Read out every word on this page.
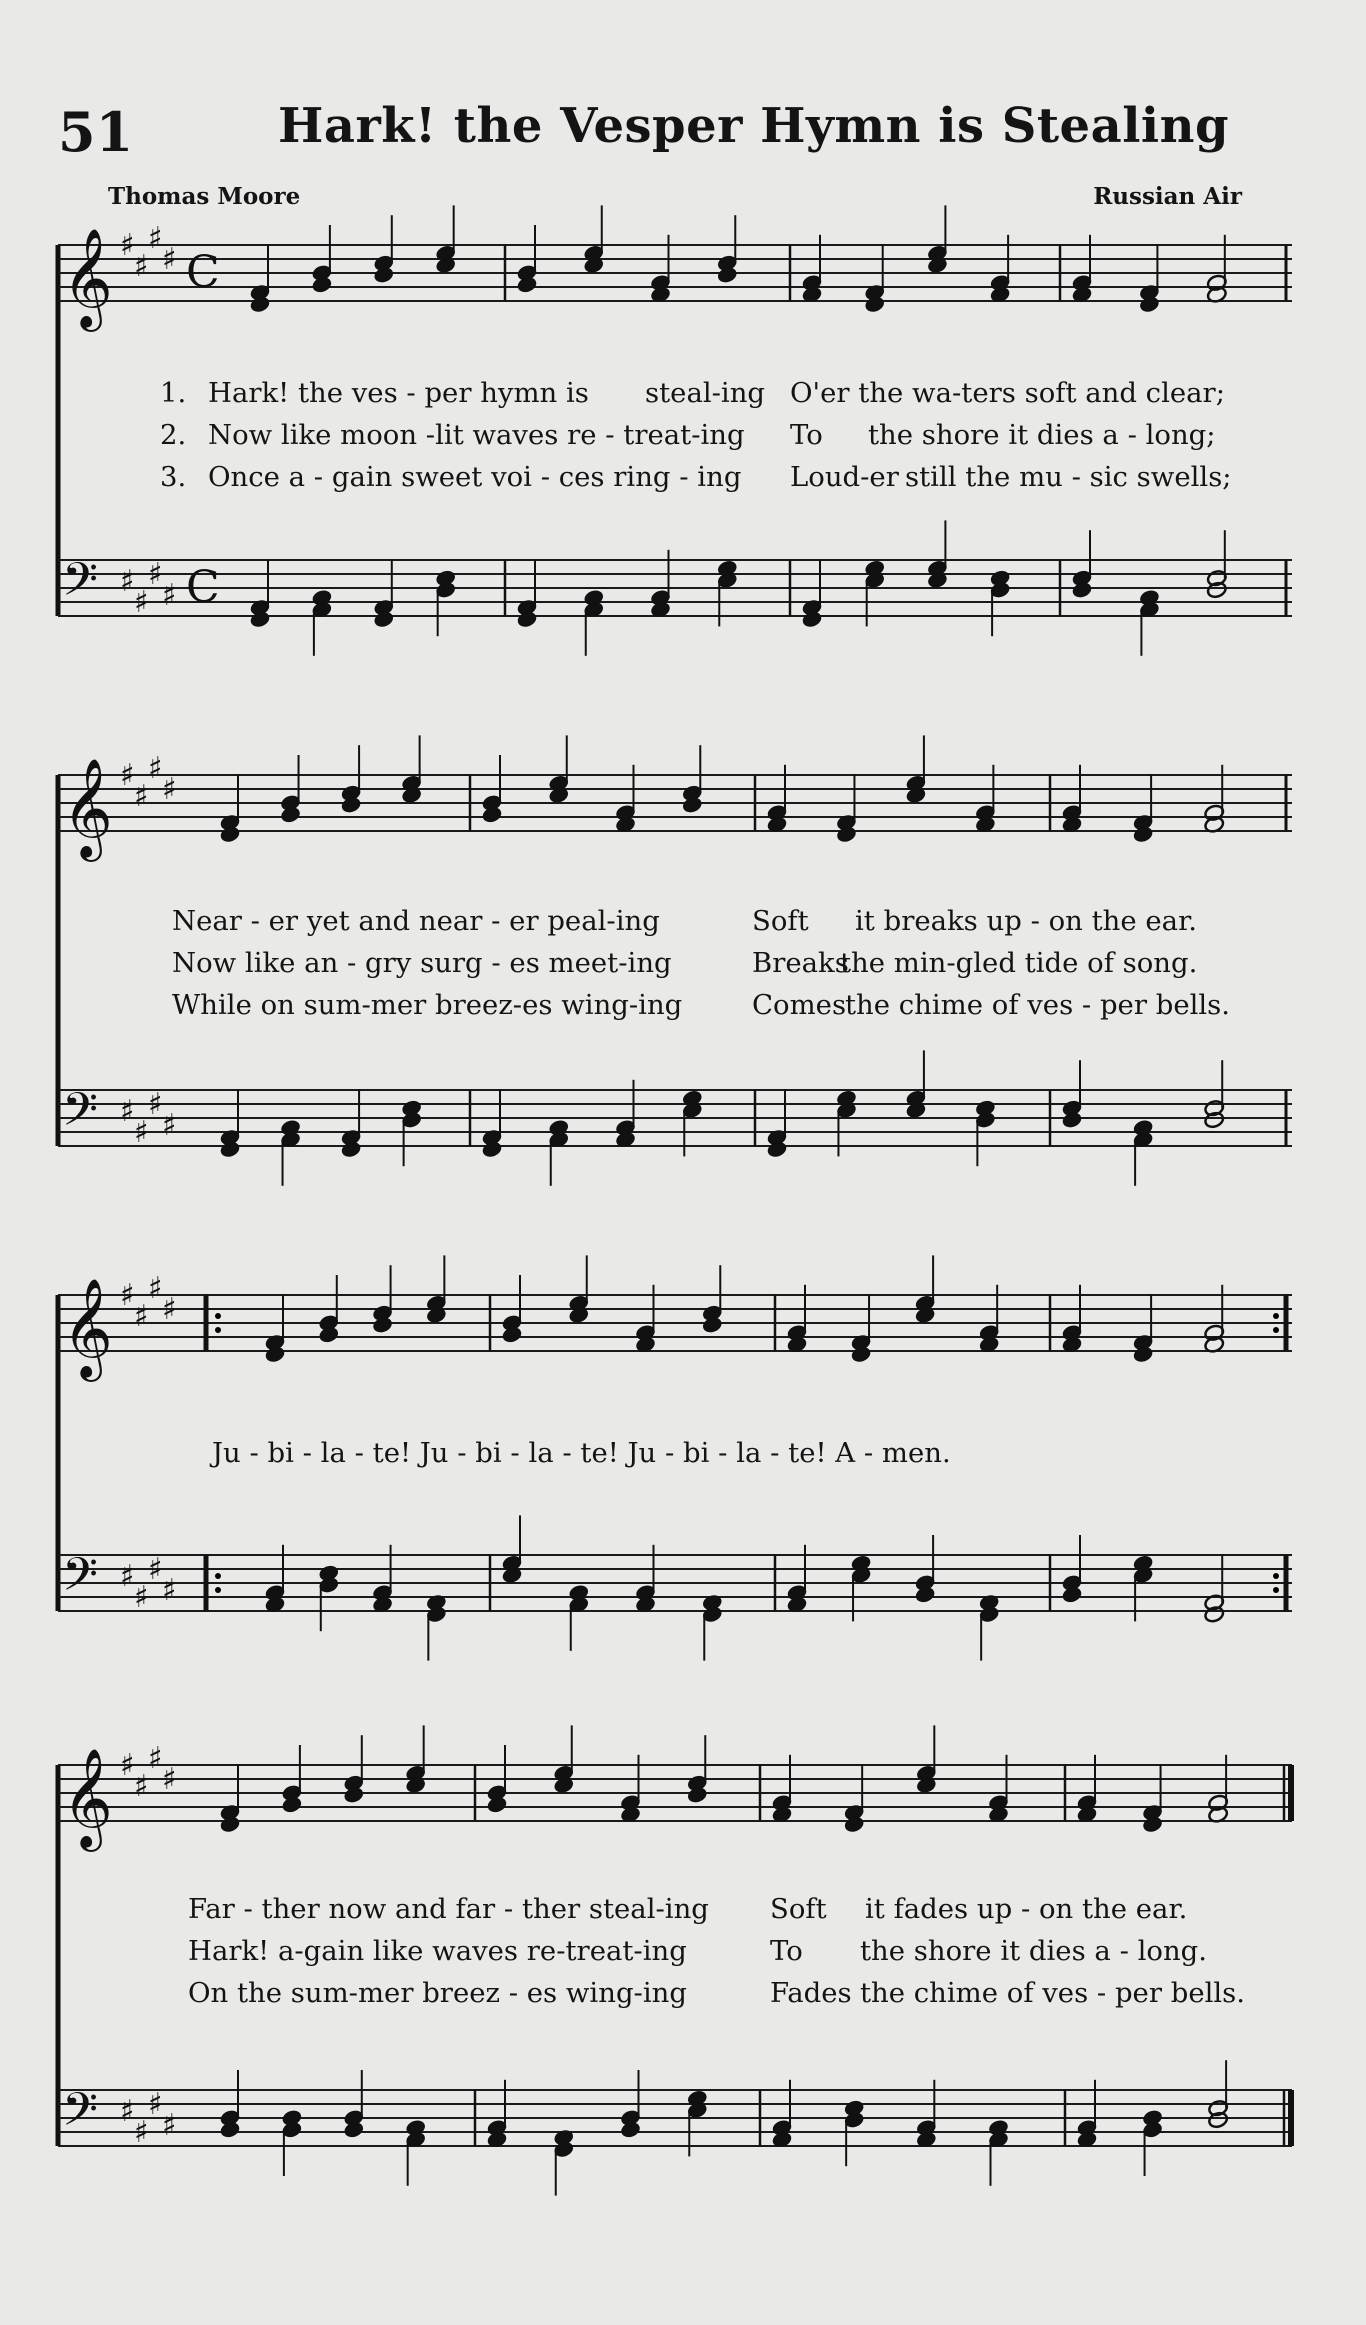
51	Hark! the Vesper Hymn is Stealing
Thomas Moore	Russian Air
𝄞 ♯
♯
♯
♯ C
𝄢 ♯
♯
♯
♯ C
1. Hark! the ves - per hymn is steal-ing O'er the wa-ters soft and clear;
2. Now like moon -lit waves re - treat-ing To the shore it dies a - long;
3. Once a - gain sweet voi - ces ring - ing Loud-er still the mu - sic swells;
𝄞 ♯
♯
♯
♯
𝄢 ♯
♯
♯
♯
Near - er yet and near - er peal-ing	Soft it breaks up - on the ear.
Now like an - gry surg - es meet-ing	Breaks
the min-gled tide of song.
While on sum-mer breez-es wing-ing	Comes
the chime of ves - per bells.
𝄞 ♯
♯
♯
♯
𝄢 ♯
♯
♯
♯
Ju - bi - la - te! Ju - bi - la - te! Ju - bi - la - te! A - men.
𝄞 ♯
♯
♯
♯
𝄢 ♯
♯
♯
♯
Far - ther now and far - ther steal-ing Soft it fades up - on the ear.
Hark! a-gain like waves re-treat-ing	To the shore it dies a - long.
On the sum-mer breez - es wing-ing	Fades the chime of ves - per bells.
